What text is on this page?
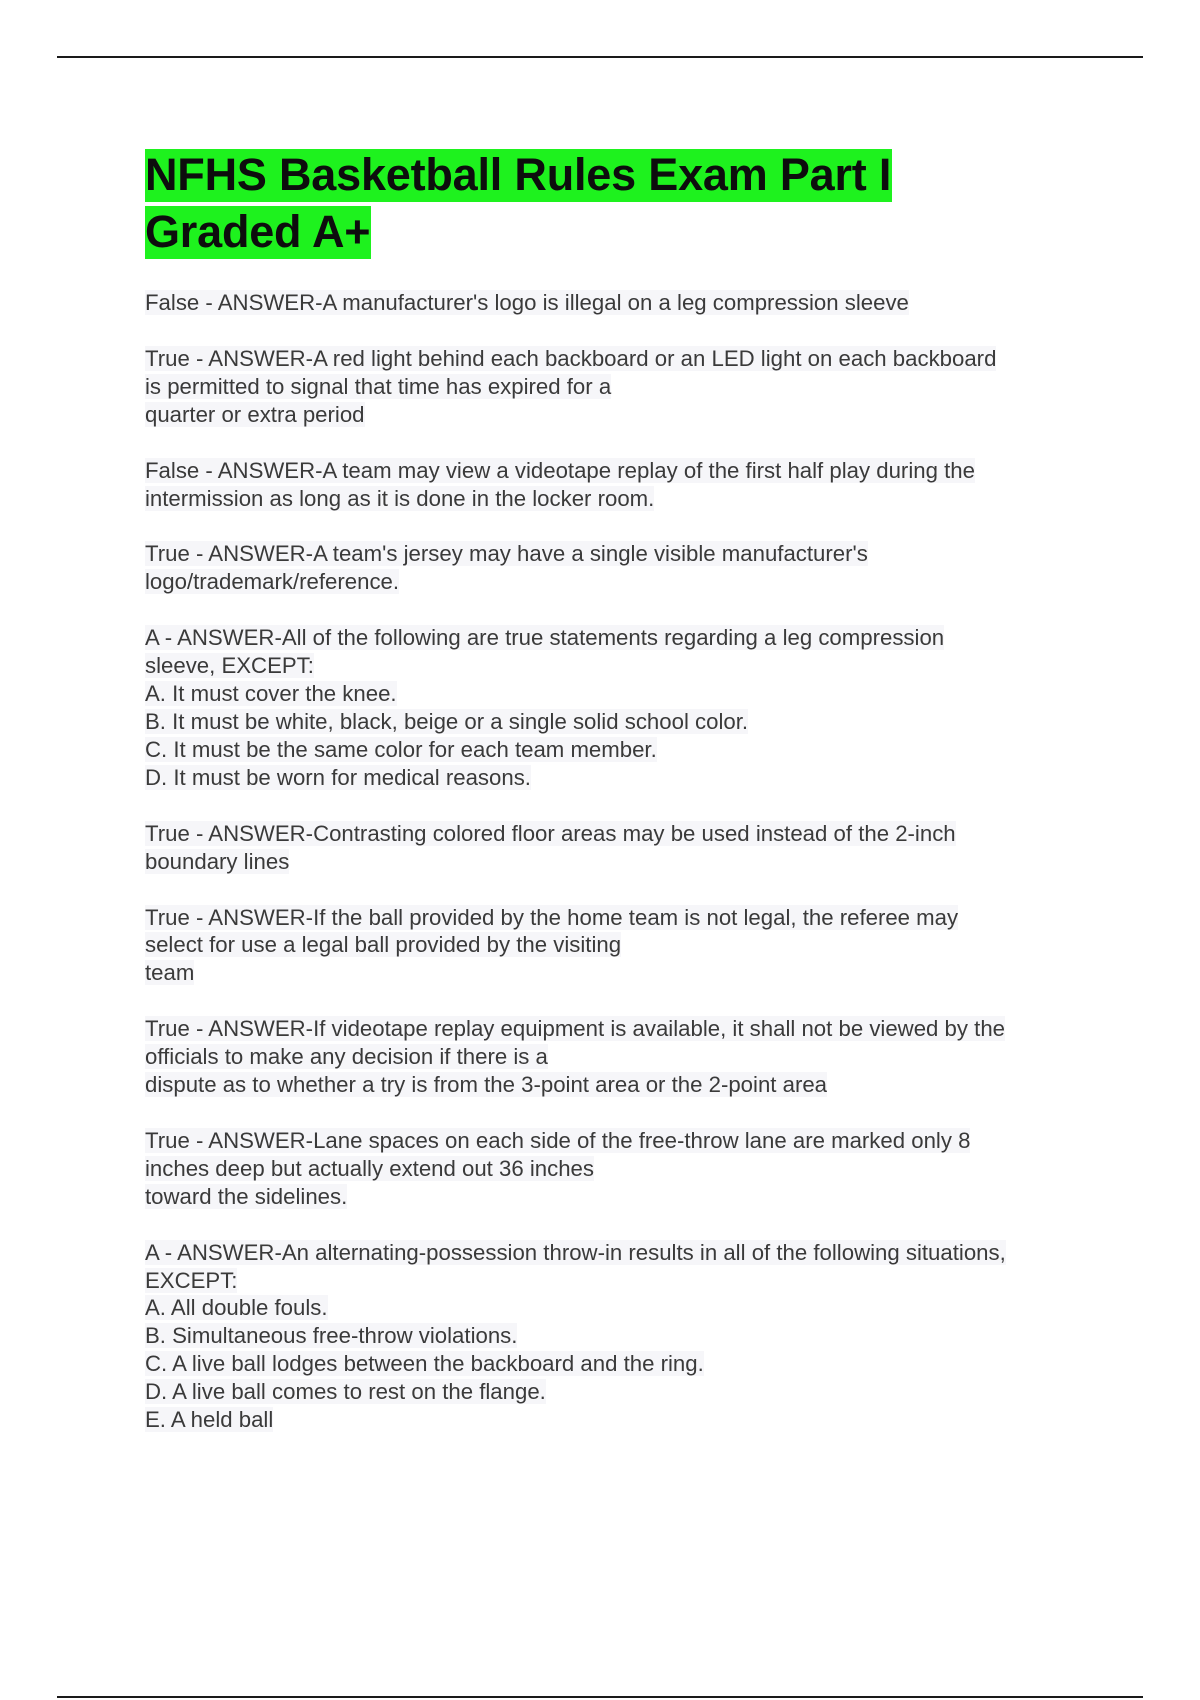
NFHS Basketball Rules Exam Part I
Graded A+
False - ANSWER-A manufacturer's logo is illegal on a leg compression sleeve
True - ANSWER-A red light behind each backboard or an LED light on each backboard
is permitted to signal that time has expired for a
quarter or extra period
False - ANSWER-A team may view a videotape replay of the first half play during the
intermission as long as it is done in the locker room.
True - ANSWER-A team's jersey may have a single visible manufacturer's
logo/trademark/reference.
A - ANSWER-All of the following are true statements regarding a leg compression
sleeve, EXCEPT:
A. It must cover the knee.
B. It must be white, black, beige or a single solid school color.
C. It must be the same color for each team member.
D. It must be worn for medical reasons.
True - ANSWER-Contrasting colored floor areas may be used instead of the 2-inch
boundary lines
True - ANSWER-If the ball provided by the home team is not legal, the referee may
select for use a legal ball provided by the visiting
team
True - ANSWER-If videotape replay equipment is available, it shall not be viewed by the
officials to make any decision if there is a
dispute as to whether a try is from the 3-point area or the 2-point area
True - ANSWER-Lane spaces on each side of the free-throw lane are marked only 8
inches deep but actually extend out 36 inches
toward the sidelines.
A - ANSWER-An alternating-possession throw-in results in all of the following situations,
EXCEPT:
A. All double fouls.
B. Simultaneous free-throw violations.
C. A live ball lodges between the backboard and the ring.
D. A live ball comes to rest on the flange.
E. A held ball
